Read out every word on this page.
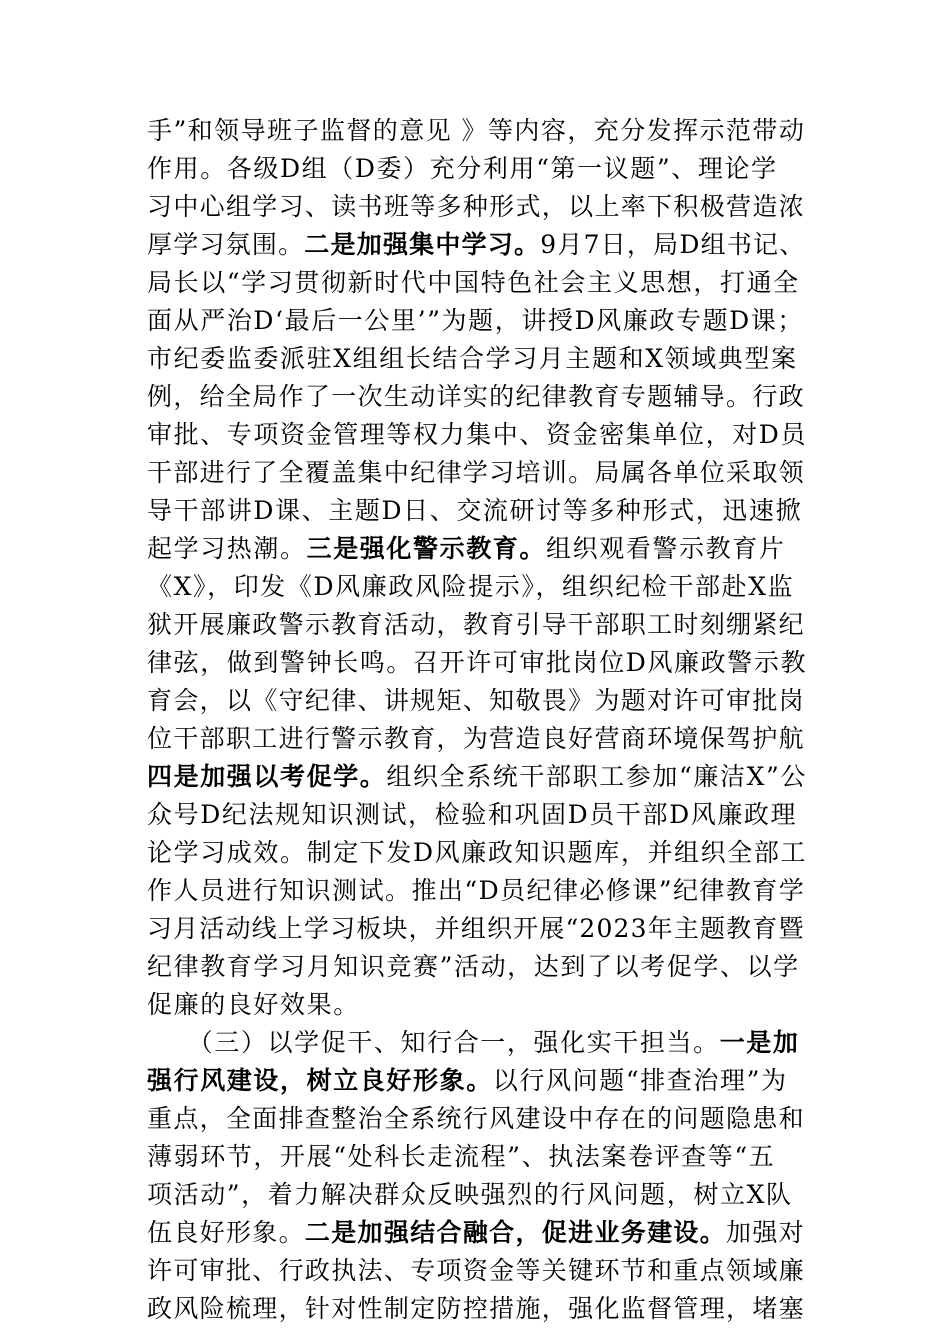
手”和领导班子监督的意见 》等内容，充分发挥示范带动
作用。各级D组（D委）充分利用“第一议题”、理论学
习中心组学习、读书班等多种形式，以上率下积极营造浓
厚学习氛围。二是加强集中学习。9月7日，局D组书记、
局长以“学习贯彻新时代中国特色社会主义思想，打通全
面从严治D‘最后一公里’”为题，讲授D风廉政专题D课；
市纪委监委派驻X组组长结合学习月主题和X领域典型案
例，给全局作了一次生动详实的纪律教育专题辅导。行政
审批、专项资金管理等权力集中、资金密集单位，对D员
干部进行了全覆盖集中纪律学习培训。局属各单位采取领
导干部讲D课、主题D日、交流研讨等多种形式，迅速掀
起学习热潮。三是强化警示教育。组织观看警示教育片
《X》，印发《D风廉政风险提示》，组织纪检干部赴X监
狱开展廉政警示教育活动，教育引导干部职工时刻绷紧纪
律弦，做到警钟长鸣。召开许可审批岗位D风廉政警示教
育会，以《守纪律、讲规矩、知敬畏》为题对许可审批岗
位干部职工进行警示教育，为营造良好营商环境保驾护航
四是加强以考促学。组织全系统干部职工参加“廉洁X”公
众号D纪法规知识测试，检验和巩固D员干部D风廉政理
论学习成效。制定下发D风廉政知识题库，并组织全部工
作人员进行知识测试。推出“D员纪律必修课”纪律教育学
习月活动线上学习板块，并组织开展“2023年主题教育暨
纪律教育学习月知识竞赛”活动，达到了以考促学、以学
促廉的良好效果。
　　（三）以学促干、知行合一，强化实干担当。一是加
强行风建设，树立良好形象。以行风问题“排查治理”为
重点，全面排查整治全系统行风建设中存在的问题隐患和
薄弱环节，开展“处科长走流程”、执法案卷评查等“五
项活动”，着力解决群众反映强烈的行风问题，树立X队
伍良好形象。二是加强结合融合，促进业务建设。加强对
许可审批、行政执法、专项资金等关键环节和重点领域廉
政风险梳理，针对性制定防控措施，强化监督管理，堵塞
